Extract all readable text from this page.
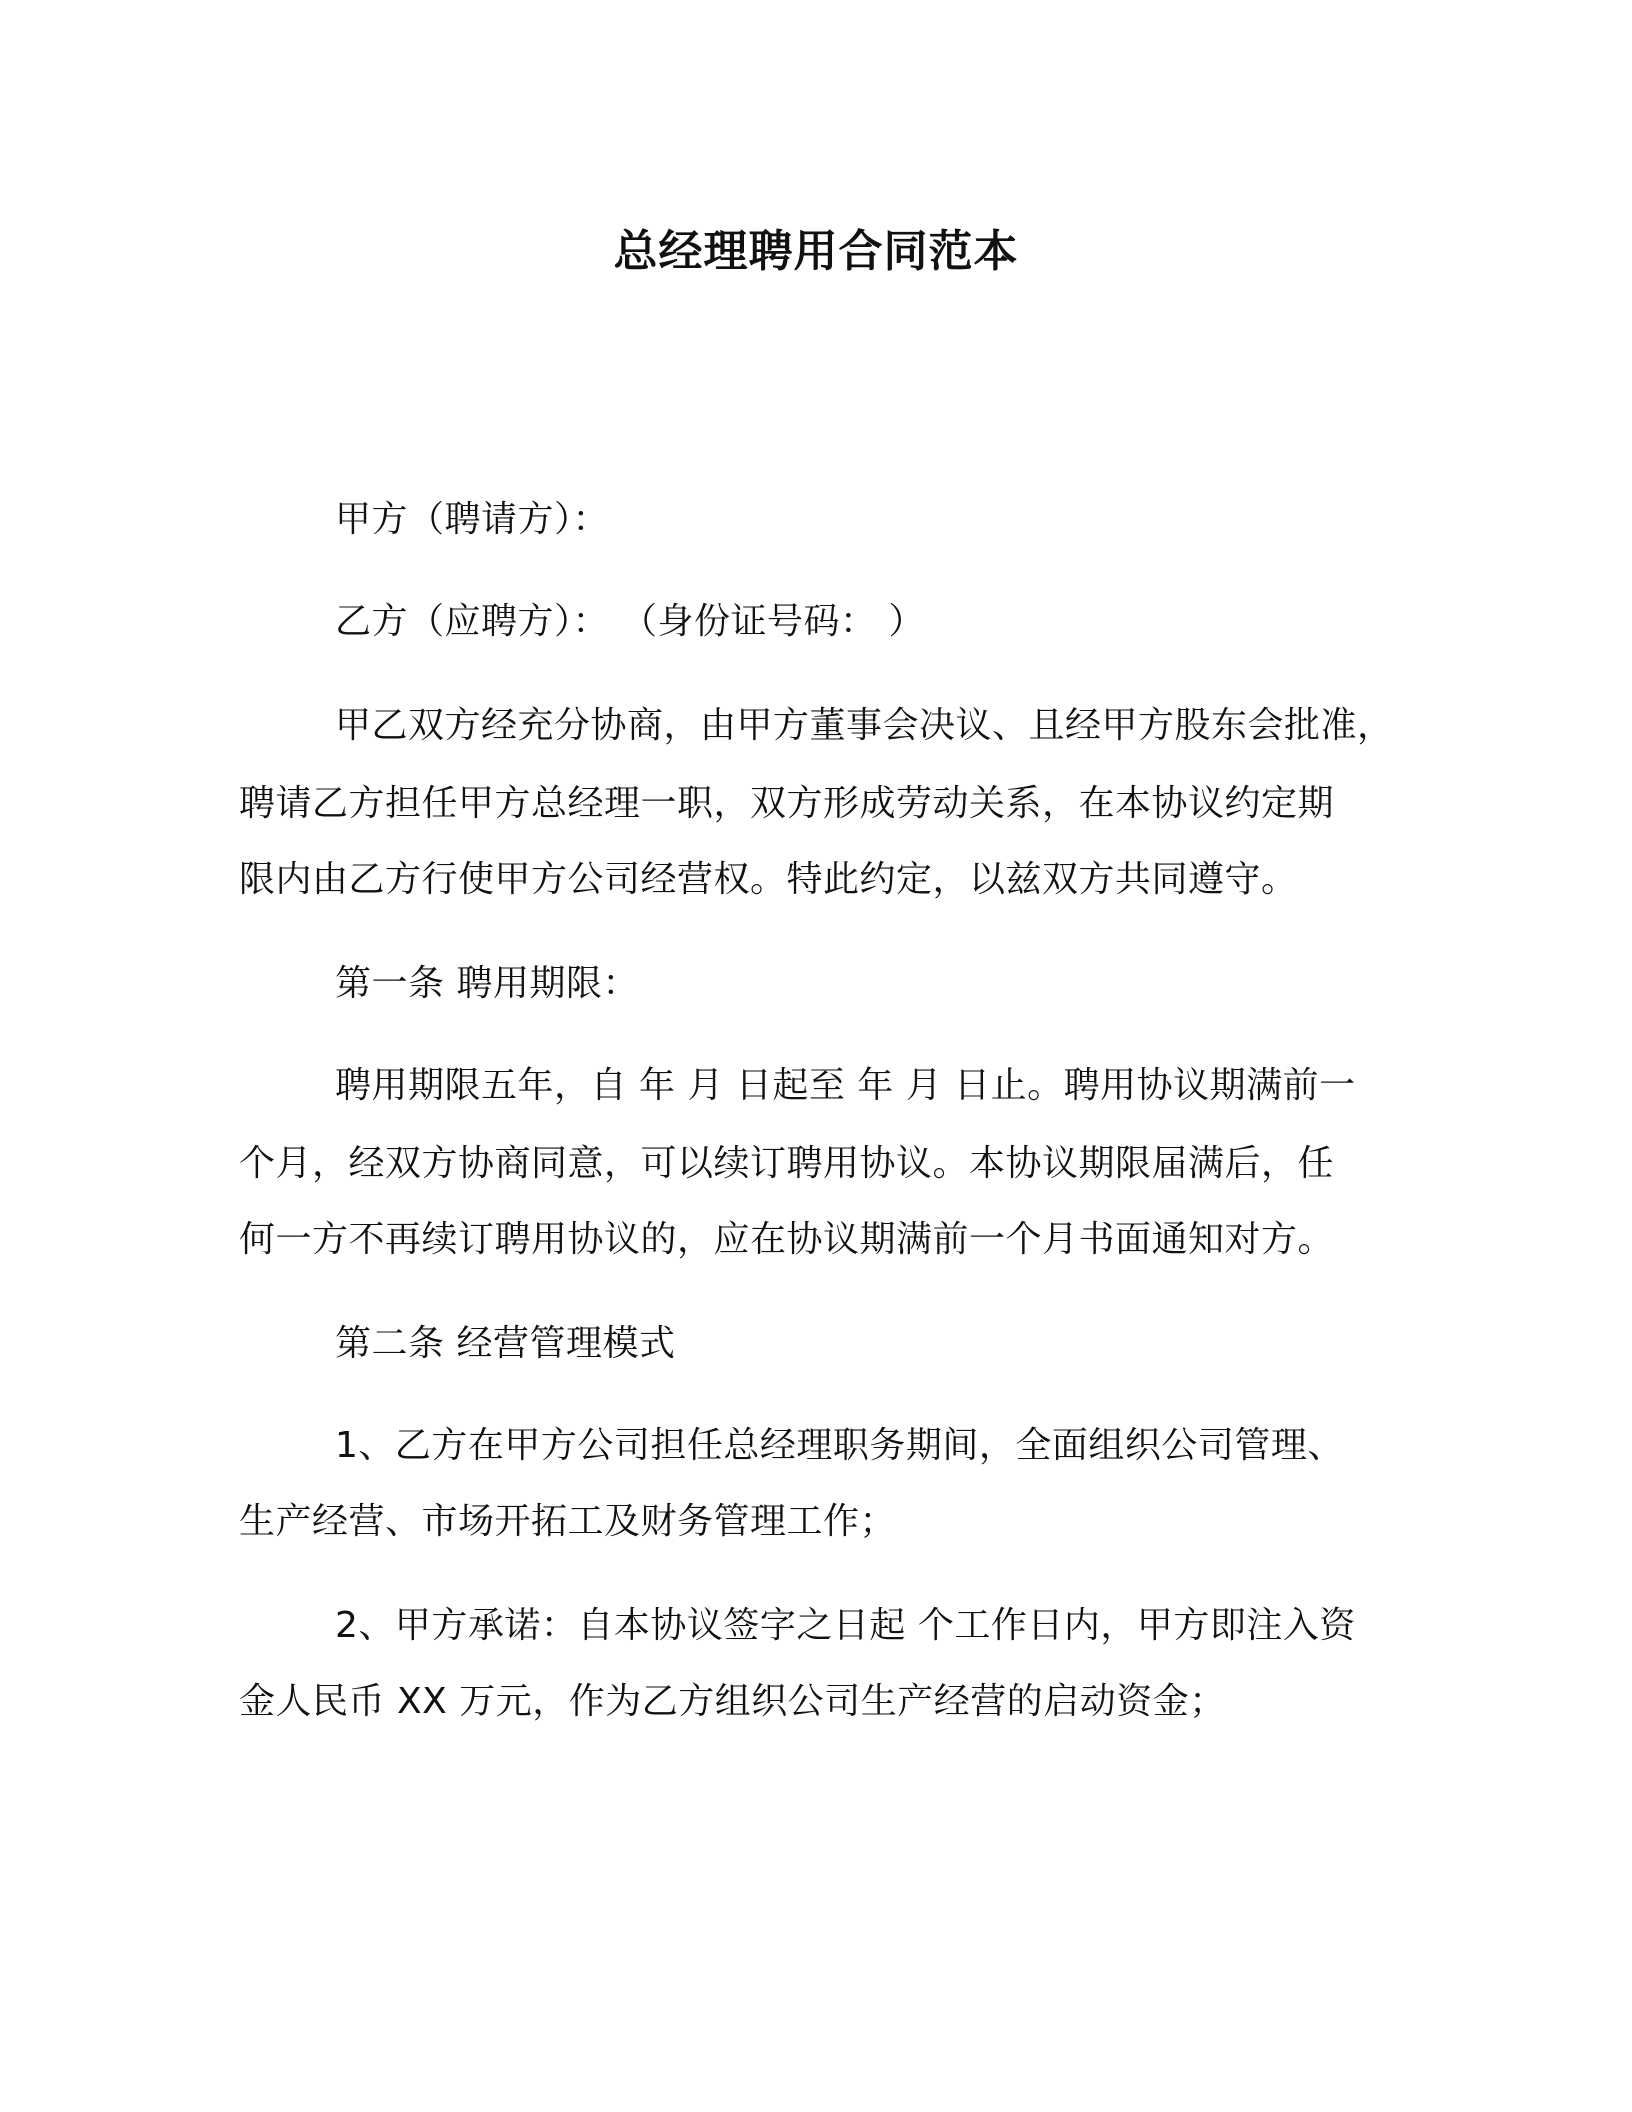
总经理聘用合同范本
甲方（聘请方）：
乙方（应聘方）： （身份证号码： ）
甲乙双方经充分协商，由甲方董事会决议、且经甲方股东会批准，
聘请乙方担任甲方总经理一职，双方形成劳动关系，在本协议约定期
限内由乙方行使甲方公司经营权。特此约定，以兹双方共同遵守。
第一条 聘用期限：
聘用期限五年，自 年 月 日起至 年 月 日止。聘用协议期满前一
个月，经双方协商同意，可以续订聘用协议。本协议期限届满后，任
何一方不再续订聘用协议的，应在协议期满前一个月书面通知对方。
第二条 经营管理模式
1、乙方在甲方公司担任总经理职务期间，全面组织公司管理、
生产经营、市场开拓工及财务管理工作；
2、甲方承诺：自本协议签字之日起 个工作日内，甲方即注入资
金人民币 XX 万元，作为乙方组织公司生产经营的启动资金；
